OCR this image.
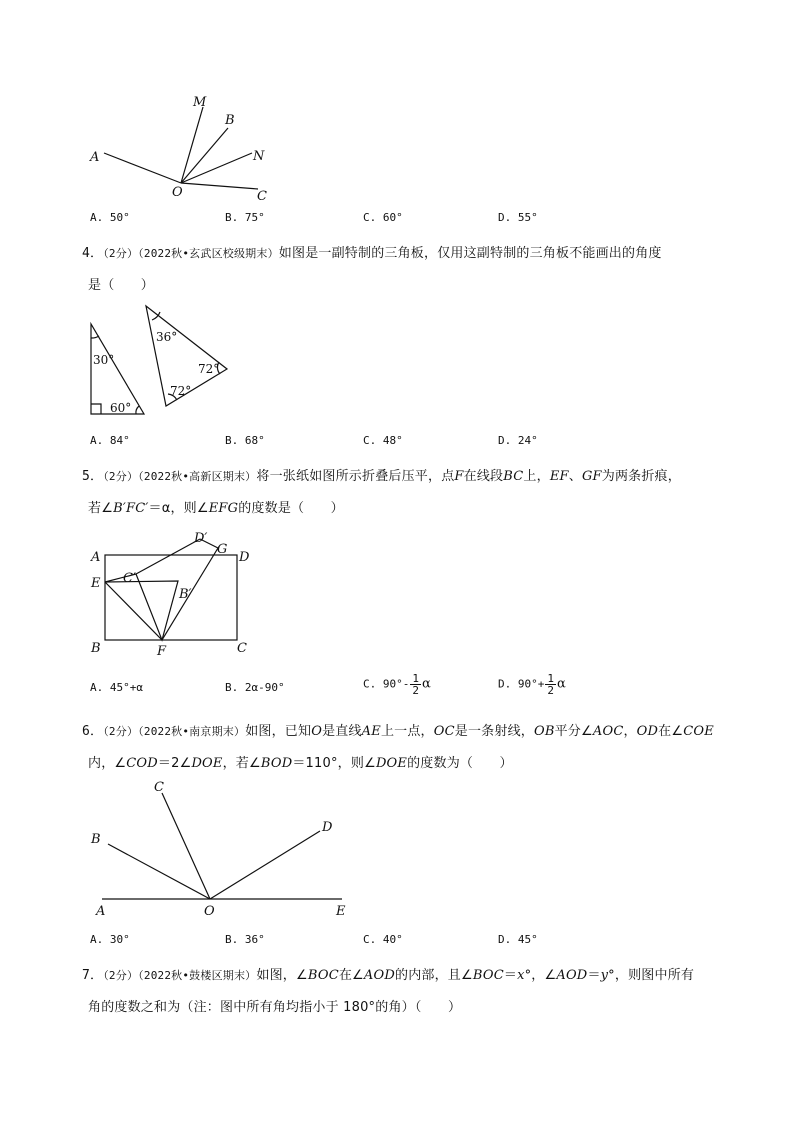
M
B
A	N
O	C
A. 50°	B. 75°	C. 60°	D. 55°
4．（2分）（2022秋•玄武区校级期末）如图是一副特制的三角板，仅用这副特制的三角板不能画出的角度
是（　　）
30°
60°
36°
72°
72°
A. 84°	B. 68°	C. 48°	D. 24°
5．（2分）（2022秋•高新区期末）将一张纸如图所示折叠后压平，点F在线段BC上，EF、GF为两条折痕，
若∠B′FC′＝α，则∠EFG的度数是（　　）
A
D′
G
D
E C′
B′
B	F	C
A. 45°+α	B. 2α-90°	C. $90^\circ- \frac{1}{2}$ α	D. $90^\circ+ \frac{1}{2}$ α
6．（2分）（2022秋•南京期末）如图，已知O是直线AE上一点，OC是一条射线，OB平分∠AOC，OD在∠COE
内，∠COD＝2∠DOE，若∠BOD＝110°，则∠DOE的度数为（　　）
C
B
D
A	O	E
A. 30°	B. 36°	C. 40°	D. 45°
7．（2分）（2022秋•鼓楼区期末）如图，∠BOC在∠AOD的内部，且∠BOC＝x°，∠AOD＝y°，则图中所有
角的度数之和为（注：图中所有角均指小于 180°的角）（　　）
